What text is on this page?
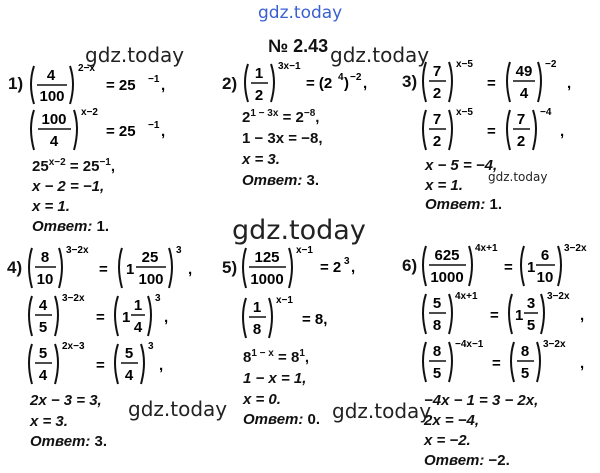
gdz.today
gdz.today	gdz.today
gdz.today
gdz.today
gdz.today	gdz.today
№ 2.43
1)	2)	3)
4)	5)	6)
4
100
2−x
= 25 −1 ,
100
4
x−2
= 25 −1 ,
$25^{x-2} = 25^{-1}$,
x − 2 = −1,
x = 1.
Ответ: 1.
1
2
3x−1
= (2 4 ) −2 ,
$2^{1 - 3x} = 2^{-8}$,
1 − 3x = −8,
x = 3.
Ответ: 3.
7
2
x−5
=
49
4
−2
,
7
2
x−5
=
7
2
−4
,
x − 5 = −4,
x = 1.
Ответ: 1.
8
10
3−2x
= 1
25
100
3
,
4
5
3−2x
= 1
1
4
3
,
5
4
2x−3
=
5
4
3
,
2x − 3 = 3,
x = 3.
Ответ: 3.
125
1000
x−1
= 2 3 ,
1
8
x−1
= 8,
$8^{1 - x} = 8^1$,
1 − x = 1,
x = 0.
Ответ: 0.
625
1000
4x+1
= 1
6
10
3−2x
5
8
4x+1
= 1
3
5
3−2x
,
8
5
−4x−1
=
8
5
3−2x
,
−4x − 1 = 3 − 2x,
2x = −4,
x = −2.
Ответ: −2.
